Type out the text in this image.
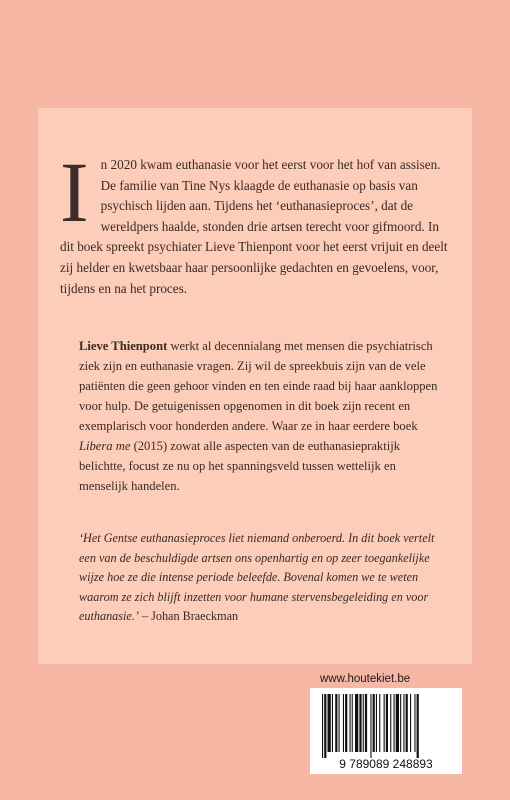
I n 2020 kwam euthanasie voor het eerst voor het hof van assisen. De familie van Tine Nys klaagde de euthanasie op basis van psychisch lijden aan. Tijdens het ‘euthanasieproces’, dat de wereldpers haalde, stonden drie artsen terecht voor gifmoord. In dit boek spreekt psychiater Lieve Thienpont voor het eerst vrijuit en deelt zij helder en kwetsbaar haar persoonlijke gedachten en gevoelens, voor, tijdens en na het proces.

Lieve Thienpont werkt al decennialang met mensen die psychiatrisch ziek zijn en euthanasie vragen. Zij wil de spreekbuis zijn van de vele patiënten die geen gehoor vinden en ten einde raad bij haar aankloppen voor hulp. De getuigenissen opgenomen in dit boek zijn recent en exemplarisch voor honderden andere. Waar ze in haar eerdere boek Libera me (2015) zowat alle aspecten van de euthanasiepraktijk belichtte, focust ze nu op het spanningsveld tussen wettelijk en menselijk handelen.

‘Het Gentse euthanasieproces liet niemand onberoerd. In dit boek vertelt een van de beschuldigde artsen ons openhartig en op zeer toegankelijke wijze hoe ze die intense periode beleefde. Bovenal komen we te weten waarom ze zich blijft inzetten voor humane stervensbegeleiding en voor euthanasie.’ – Johan Braeckman

www.houtekiet.be
9 789089 248893
